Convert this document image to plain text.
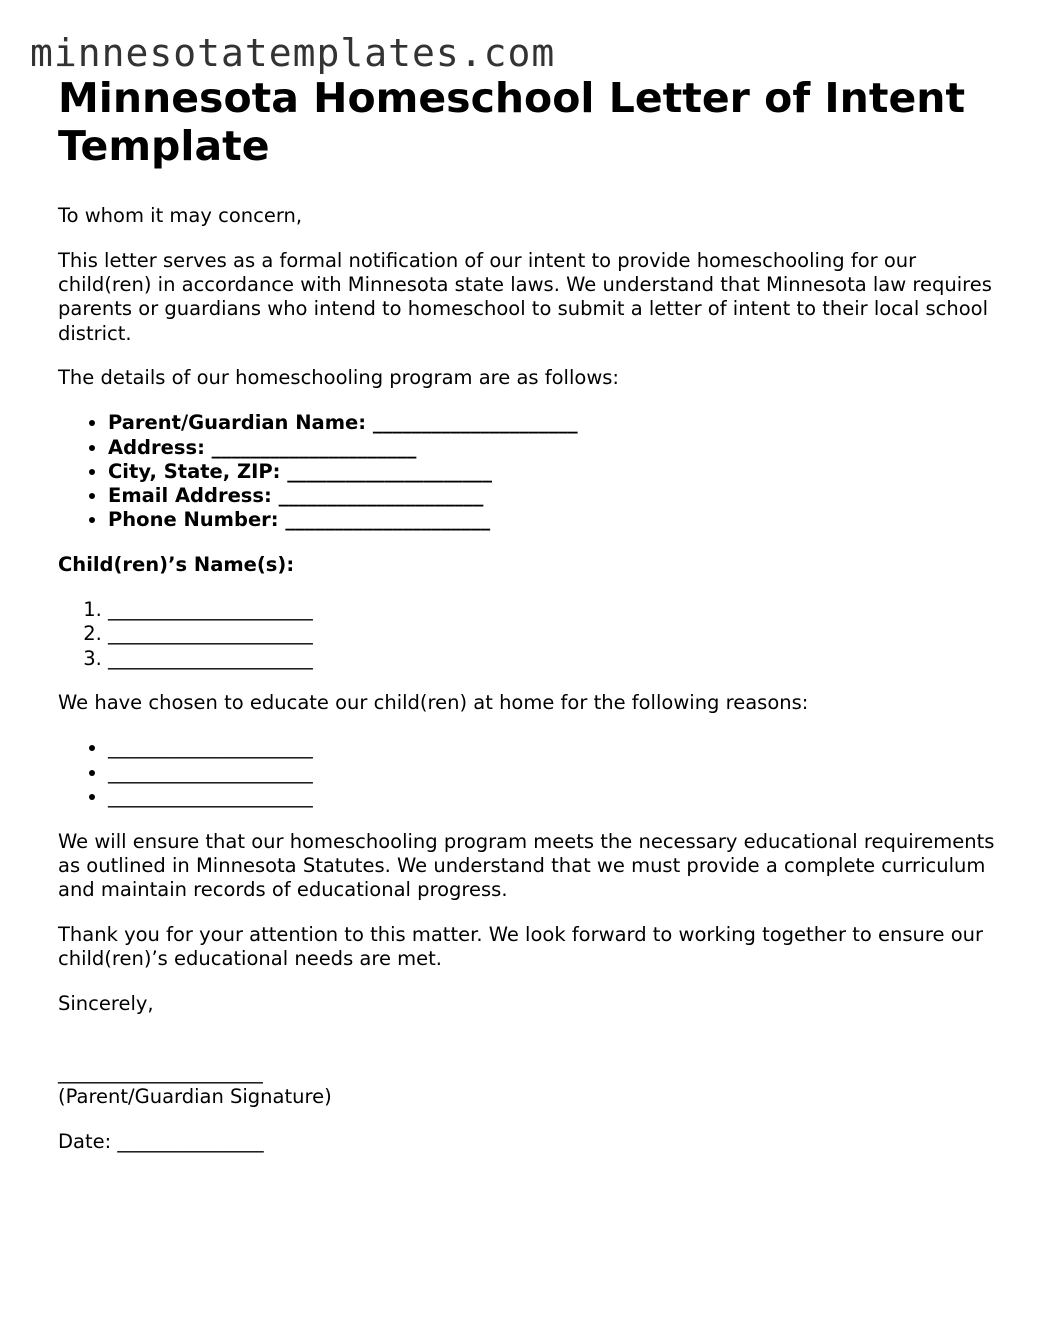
minnesotatemplates.com
Minnesota Homeschool Letter of Intent Template

To whom it may concern,

This letter serves as a formal notification of our intent to provide homeschooling for our child(ren) in accordance with Minnesota state laws. We understand that Minnesota law requires parents or guardians who intend to homeschool to submit a letter of intent to their local school district.

The details of our homeschooling program are as follows:

• Parent/Guardian Name: _____________________
• Address: _____________________
• City, State, ZIP: _____________________
• Email Address: _____________________
• Phone Number: _____________________

Child(ren)’s Name(s):

1. _____________________
2. _____________________
3. _____________________

We have chosen to educate our child(ren) at home for the following reasons:

• _____________________
• _____________________
• _____________________

We will ensure that our homeschooling program meets the necessary educational requirements as outlined in Minnesota Statutes. We understand that we must provide a complete curriculum and maintain records of educational progress.

Thank you for your attention to this matter. We look forward to working together to ensure our child(ren)’s educational needs are met.

Sincerely,

_____________________

(Parent/Guardian Signature)

Date: _______________
